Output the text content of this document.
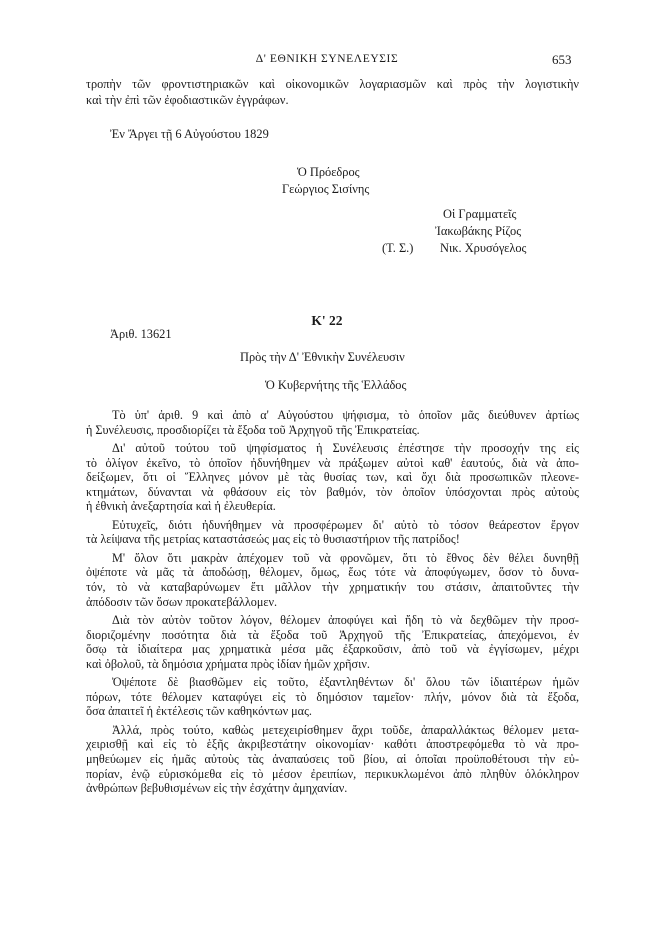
Δ' ΕΘΝΙΚΗ ΣΥΝΕΛΕΥΣΙΣ	653
τροπὴν τῶν φροντιστηριακῶν καὶ οἰκονομικῶν λογαριασμῶν καὶ πρὸς τὴν λογιστικὴν
καὶ τὴν ἐπὶ τῶν ἐφοδιαστικῶν ἐγγράφων.
Ἐν Ἄργει τῇ 6 Αὐγούστου 1829
Ὁ Πρόεδρος
Γεώργιος Σισίνης
Οἱ Γραμματεῖς
Ἰακωβάκης Ρίζος
(Τ. Σ.) Νικ. Χρυσόγελος
Κ' 22
Ἀριθ. 13621
Πρὸς τὴν Δ' Ἐθνικὴν Συνέλευσιν
Ὁ Κυβερνήτης τῆς Ἑλλάδος
Τὸ ὑπ' ἀριθ. 9 καὶ ἀπὸ α' Αὐγούστου ψήφισμα, τὸ ὁποῖον μᾶς διεύθυνεν ἀρτίως
ἡ Συνέλευσις, προσδιορίζει τὰ ἔξοδα τοῦ Ἀρχηγοῦ τῆς Ἐπικρατείας.
Δι' αὐτοῦ τούτου τοῦ ψηφίσματος ἡ Συνέλευσις ἐπέστησε τὴν προσοχήν της εἰς
τὸ ὀλίγον ἐκεῖνο, τὸ ὁποῖον ἠδυνήθημεν νὰ πράξωμεν αὐτοὶ καθ' ἑαυτούς, διὰ νὰ ἀπο-
δείξωμεν, ὅτι οἱ Ἕλληνες μόνον μὲ τὰς θυσίας των, καὶ ὄχι διὰ προσωπικῶν πλεονε-
κτημάτων, δύνανται νὰ φθάσουν εἰς τὸν βαθμόν, τὸν ὁποῖον ὑπόσχονται πρὸς αὐτοὺς
ἡ ἐθνικὴ ἀνεξαρτησία καὶ ἡ ἐλευθερία.
Εὐτυχεῖς, διότι ἠδυνήθημεν νὰ προσφέρωμεν δι' αὐτὸ τὸ τόσον θεάρεστον ἔργον
τὰ λείψανα τῆς μετρίας καταστάσεώς μας εἰς τὸ θυσιαστήριον τῆς πατρίδος!
Μ' ὅλον ὅτι μακρὰν ἀπέχομεν τοῦ νὰ φρονῶμεν, ὅτι τὸ ἔθνος δὲν θέλει δυνηθῇ
ὀψέποτε νὰ μᾶς τὰ ἀποδώσῃ, θέλομεν, ὅμως, ἕως τότε νὰ ἀποφύγωμεν, ὅσον τὸ δυνα-
τόν, τὸ νὰ καταβαρύνωμεν ἔτι μᾶλλον τὴν χρηματικήν του στάσιν, ἀπαιτοῦντες τὴν
ἀπόδοσιν τῶν ὅσων προκατεβάλλομεν.
Διὰ τὸν αὐτὸν τοῦτον λόγον, θέλομεν ἀποφύγει καὶ ἤδη τὸ νὰ δεχθῶμεν τὴν προσ-
διοριζομένην ποσότητα διὰ τὰ ἔξοδα τοῦ Ἀρχηγοῦ τῆς Ἐπικρατείας, ἀπεχόμενοι, ἐν
ὅσῳ τὰ ἰδιαίτερα μας χρηματικὰ μέσα μᾶς ἐξαρκοῦσιν, ἀπὸ τοῦ νὰ ἐγγίσωμεν, μέχρι
καὶ ὀβολοῦ, τὰ δημόσια χρήματα πρὸς ἰδίαν ἡμῶν χρῆσιν.
Ὀψέποτε δὲ βιασθῶμεν εἰς τοῦτο, ἐξαντληθέντων δι' ὅλου τῶν ἰδιαιτέρων ἡμῶν
πόρων, τότε θέλομεν καταφύγει εἰς τὸ δημόσιον ταμεῖον· πλήν, μόνον διὰ τὰ ἔξοδα,
ὅσα ἀπαιτεῖ ἡ ἐκτέλεσις τῶν καθηκόντων μας.
Ἀλλά, πρὸς τούτο, καθὼς μετεχειρίσθημεν ἄχρι τοῦδε, ἀπαραλλάκτως θέλομεν μετα-
χειρισθῇ καὶ εἰς τὸ ἑξῆς ἀκριβεστάτην οἰκονομίαν· καθότι ἀποστρεφόμεθα τὸ νὰ προ-
μηθεύωμεν εἰς ἡμᾶς αὐτοὺς τὰς ἀναπαύσεις τοῦ βίου, αἱ ὁποῖαι προϋποθέτουσι τὴν εὐ-
πορίαν, ἐνῷ εὑρισκόμεθα εἰς τὸ μέσον ἐρειπίων, περικυκλωμένοι ἀπὸ πληθὺν ὁλόκληρον
ἀνθρώπων βεβυθισμένων εἰς τὴν ἐσχάτην ἀμηχανίαν.
